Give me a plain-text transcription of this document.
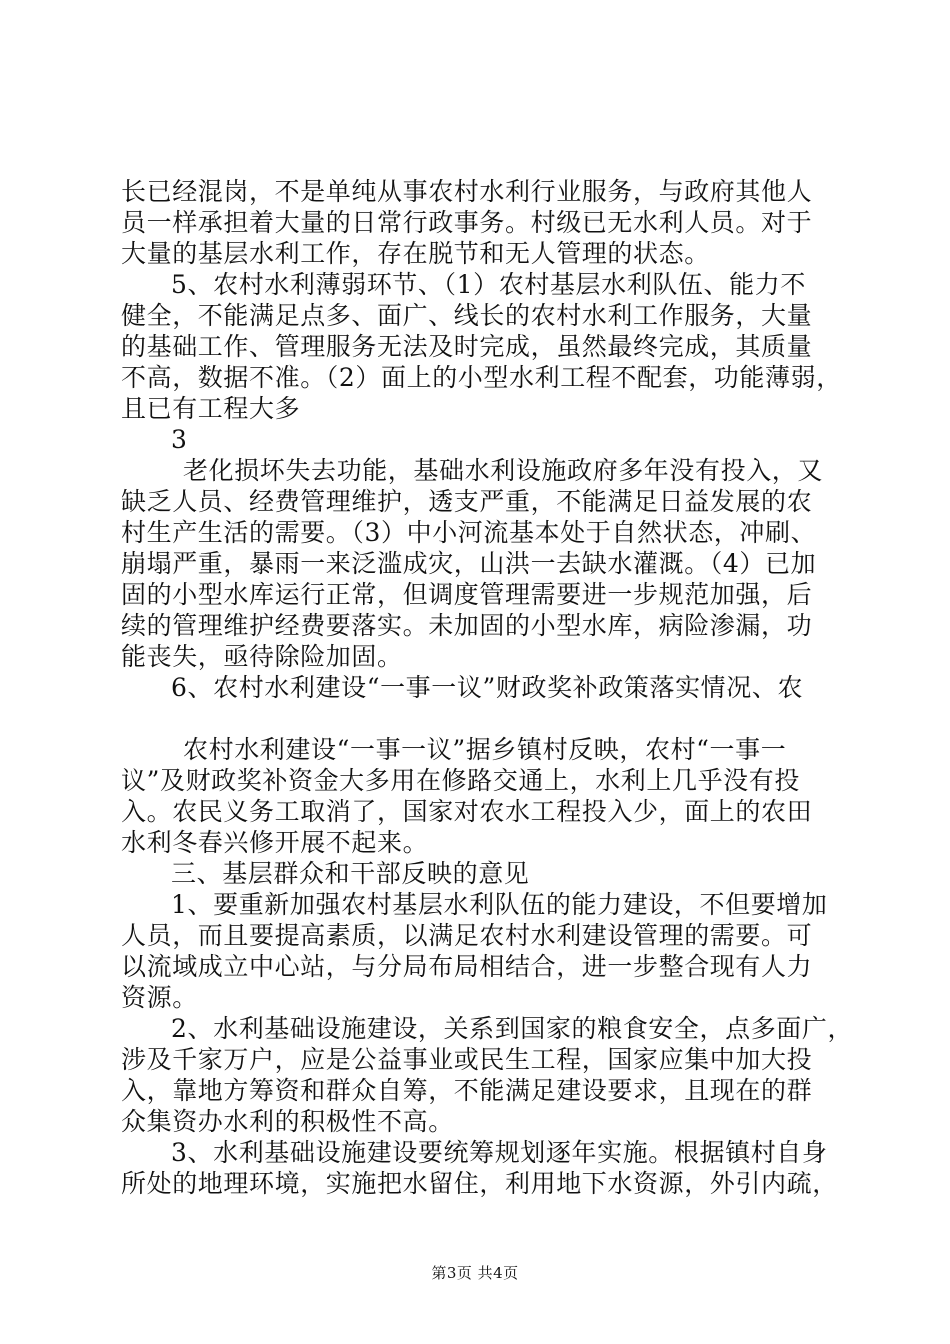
长已经混岗，不是单纯从事农村水利行业服务，与政府其他人
员一样承担着大量的日常行政事务。村级已无水利人员。对于
大量的基层水利工作，存在脱节和无人管理的状态。
5、农村水利薄弱环节、（1）农村基层水利队伍、能力不
健全，不能满足点多、面广、线长的农村水利工作服务，大量
的基础工作、管理服务无法及时完成，虽然最终完成，其质量
不高，数据不准。（2）面上的小型水利工程不配套，功能薄弱，
且已有工程大多
3
老化损坏失去功能，基础水利设施政府多年没有投入，又
缺乏人员、经费管理维护，透支严重，不能满足日益发展的农
村生产生活的需要。（3）中小河流基本处于自然状态，冲刷、
崩塌严重，暴雨一来泛滥成灾，山洪一去缺水灌溉。（4）已加
固的小型水库运行正常，但调度管理需要进一步规范加强，后
续的管理维护经费要落实。未加固的小型水库，病险渗漏，功
能丧失，亟待除险加固。
6、农村水利建设“一事一议”财政奖补政策落实情况、农
农村水利建设“一事一议”据乡镇村反映，农村“一事一
议”及财政奖补资金大多用在修路交通上，水利上几乎没有投
入。农民义务工取消了，国家对农水工程投入少，面上的农田
水利冬春兴修开展不起来。
三、基层群众和干部反映的意见
1、要重新加强农村基层水利队伍的能力建设，不但要增加
人员，而且要提高素质，以满足农村水利建设管理的需要。可
以流域成立中心站，与分局布局相结合，进一步整合现有人力
资源。
2、水利基础设施建设，关系到国家的粮食安全，点多面广，
涉及千家万户，应是公益事业或民生工程，国家应集中加大投
入，靠地方筹资和群众自筹，不能满足建设要求，且现在的群
众集资办水利的积极性不高。
3、水利基础设施建设要统筹规划逐年实施。根据镇村自身
所处的地理环境，实施把水留住，利用地下水资源，外引内疏，
第3页 共4页
